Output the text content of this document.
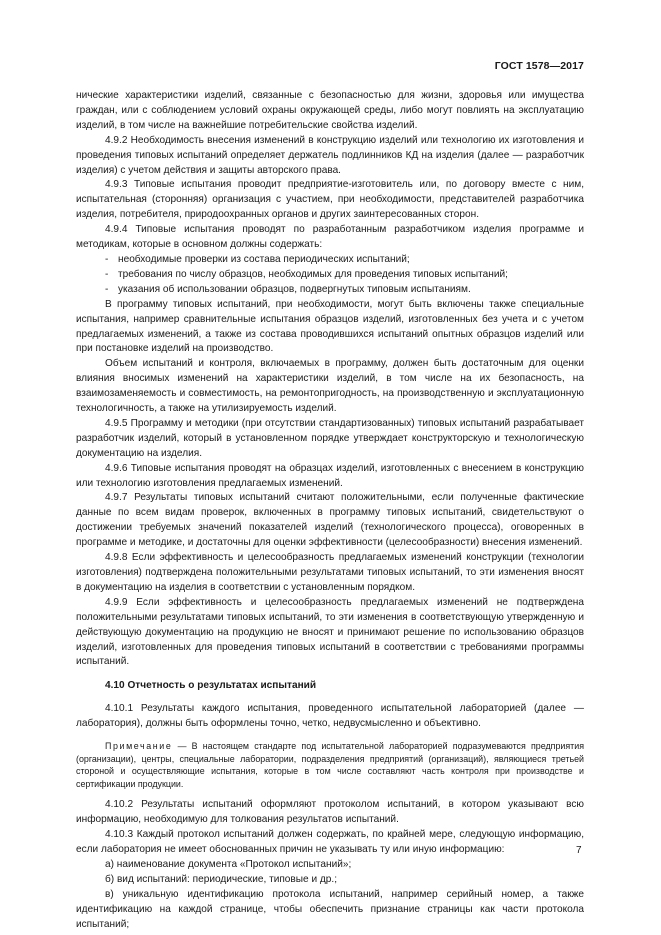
ГОСТ 1578—2017

нические характеристики изделий, связанные с безопасностью для жизни, здоровья или имущества граждан, или с соблюдением условий охраны окружающей среды, либо могут повлиять на эксплуатацию изделий, в том числе на важнейшие потребительские свойства изделий.

4.9.2 Необходимость внесения изменений в конструкцию изделий или технологию их изготовления и проведения типовых испытаний определяет держатель подлинников КД на изделия (далее — разработчик изделия) с учетом действия и защиты авторского права.

4.9.3 Типовые испытания проводит предприятие-изготовитель или, по договору вместе с ним, испытательная (сторонняя) организация с участием, при необходимости, представителей разработчика изделия, потребителя, природоохранных органов и других заинтересованных сторон.

4.9.4 Типовые испытания проводят по разработанным разработчиком изделия программе и методикам, которые в основном должны содержать:

- необходимые проверки из состава периодических испытаний;

- требования по числу образцов, необходимых для проведения типовых испытаний;

- указания об использовании образцов, подвергнутых типовым испытаниям.

В программу типовых испытаний, при необходимости, могут быть включены также специальные испытания, например сравнительные испытания образцов изделий, изготовленных без учета и с учетом предлагаемых изменений, а также из состава проводившихся испытаний опытных образцов изделий или при постановке изделий на производство.

Объем испытаний и контроля, включаемых в программу, должен быть достаточным для оценки влияния вносимых изменений на характеристики изделий, в том числе на их безопасность, на взаимозаменяемость и совместимость, на ремонтопригодность, на производственную и эксплуатационную технологичность, а также на утилизируемость изделий.

4.9.5 Программу и методики (при отсутствии стандартизованных) типовых испытаний разрабатывает разработчик изделий, который в установленном порядке утверждает конструкторскую и технологическую документацию на изделия.

4.9.6 Типовые испытания проводят на образцах изделий, изготовленных с внесением в конструкцию или технологию изготовления предлагаемых изменений.

4.9.7 Результаты типовых испытаний считают положительными, если полученные фактические данные по всем видам проверок, включенных в программу типовых испытаний, свидетельствуют о достижении требуемых значений показателей изделий (технологического процесса), оговоренных в программе и методике, и достаточны для оценки эффективности (целесообразности) внесения изменений.

4.9.8 Если эффективность и целесообразность предлагаемых изменений конструкции (технологии изготовления) подтверждена положительными результатами типовых испытаний, то эти изменения вносят в документацию на изделия в соответствии с установленным порядком.

4.9.9 Если эффективность и целесообразность предлагаемых изменений не подтверждена положительными результатами типовых испытаний, то эти изменения в соответствующую утвержденную и действующую документацию на продукцию не вносят и принимают решение по использованию образцов изделий, изготовленных для проведения типовых испытаний в соответствии с требованиями программы испытаний.

4.10 Отчетность о результатах испытаний

4.10.1 Результаты каждого испытания, проведенного испытательной лабораторией (далее — лаборатория), должны быть оформлены точно, четко, недвусмысленно и объективно.

Примечание — В настоящем стандарте под испытательной лабораторией подразумеваются предприятия (организации), центры, специальные лаборатории, подразделения предприятий (организаций), являющиеся третьей стороной и осуществляющие испытания, которые в том числе составляют часть контроля при производстве и сертификации продукции.

4.10.2 Результаты испытаний оформляют протоколом испытаний, в котором указывают всю информацию, необходимую для толкования результатов испытаний.

4.10.3 Каждый протокол испытаний должен содержать, по крайней мере, следующую информацию, если лаборатория не имеет обоснованных причин не указывать ту или иную информацию:

а) наименование документа «Протокол испытаний»;

б) вид испытаний: периодические, типовые и др.;

в) уникальную идентификацию протокола испытаний, например серийный номер, а также идентификацию на каждой странице, чтобы обеспечить признание страницы как части протокола испытаний;

7
